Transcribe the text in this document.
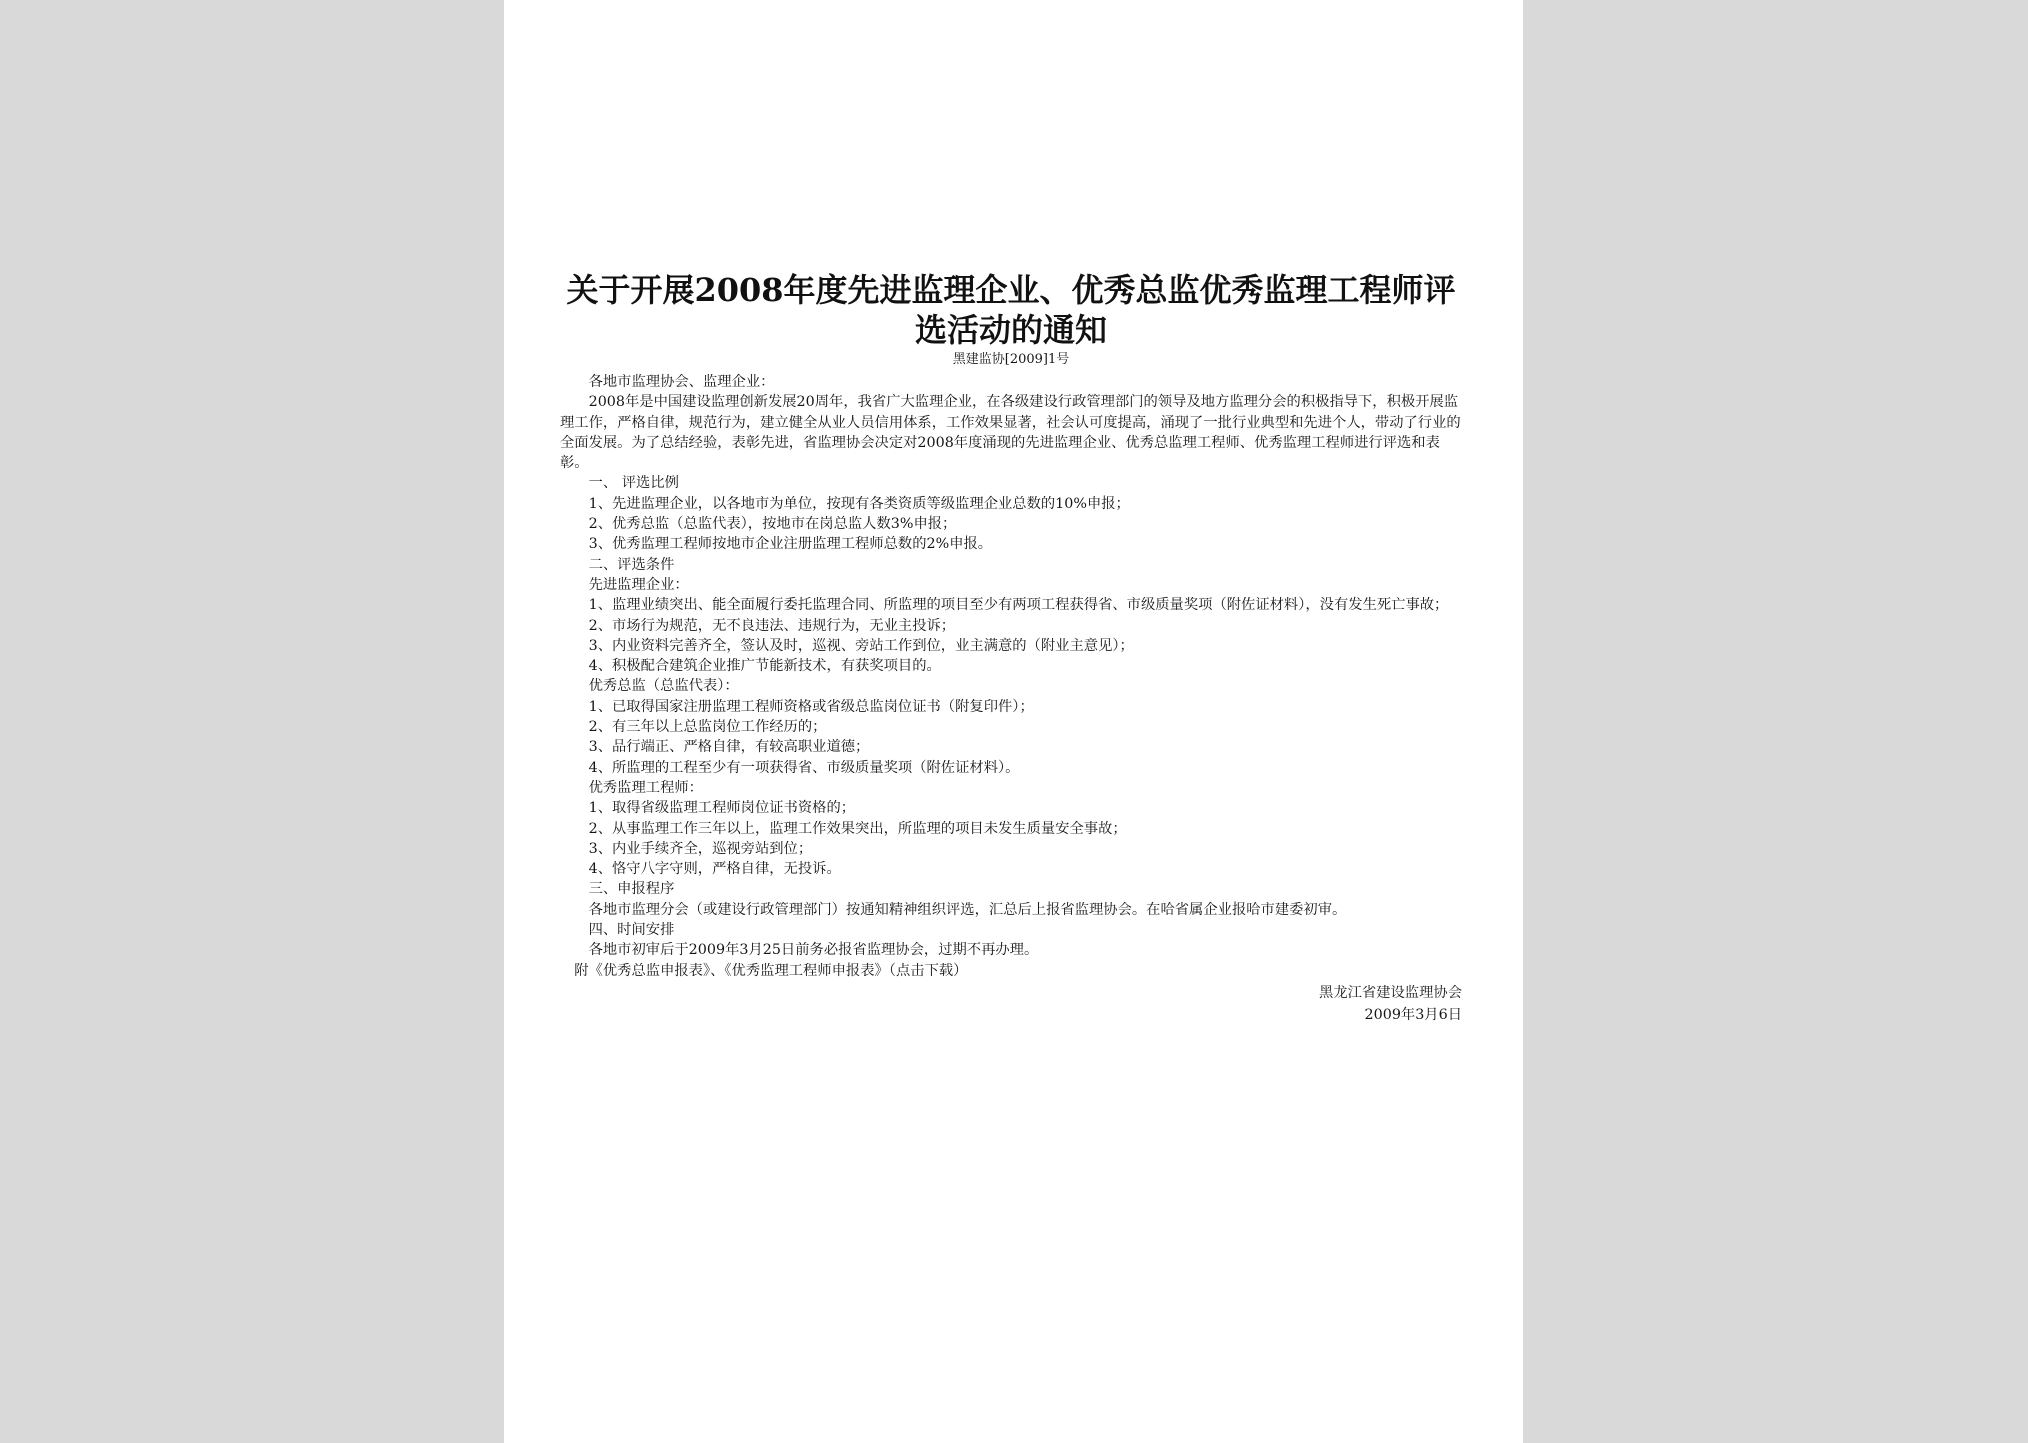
关于开展2008年度先进监理企业、优秀总监优秀监理工程师评选活动的通知
黑建监协[2009]1号

各地市监理协会、监理企业：

2008年是中国建设监理创新发展20周年，我省广大监理企业，在各级建设行政管理部门的领导及地方监理分会的积极指导下，积极开展监理工作，严格自律，规范行为，建立健全从业人员信用体系，工作效果显著，社会认可度提高，涌现了一批行业典型和先进个人，带动了行业的全面发展。为了总结经验，表彰先进，省监理协会决定对2008年度涌现的先进监理企业、优秀总监理工程师、优秀监理工程师进行评选和表彰。

一、 评选比例

1、先进监理企业，以各地市为单位，按现有各类资质等级监理企业总数的10%申报；

2、优秀总监（总监代表），按地市在岗总监人数3%申报；

3、优秀监理工程师按地市企业注册监理工程师总数的2%申报。

二、评选条件

先进监理企业：

1、监理业绩突出、能全面履行委托监理合同、所监理的项目至少有两项工程获得省、市级质量奖项（附佐证材料），没有发生死亡事故；

2、市场行为规范，无不良违法、违规行为，无业主投诉；

3、内业资料完善齐全，签认及时，巡视、旁站工作到位，业主满意的（附业主意见）；

4、积极配合建筑企业推广节能新技术，有获奖项目的。

优秀总监（总监代表）：

1、已取得国家注册监理工程师资格或省级总监岗位证书（附复印件）；

2、有三年以上总监岗位工作经历的；

3、品行端正、严格自律，有较高职业道德；

4、所监理的工程至少有一项获得省、市级质量奖项（附佐证材料）。

优秀监理工程师：

1、取得省级监理工程师岗位证书资格的；

2、从事监理工作三年以上，监理工作效果突出，所监理的项目未发生质量安全事故；

3、内业手续齐全，巡视旁站到位；

4、恪守八字守则，严格自律，无投诉。

三、申报程序

各地市监理分会（或建设行政管理部门）按通知精神组织评选，汇总后上报省监理协会。在哈省属企业报哈市建委初审。

四、时间安排

各地市初审后于2009年3月25日前务必报省监理协会，过期不再办理。

附《优秀总监申报表》、《优秀监理工程师申报表》（点击下载）

黑龙江省建设监理协会
2009年3月6日
